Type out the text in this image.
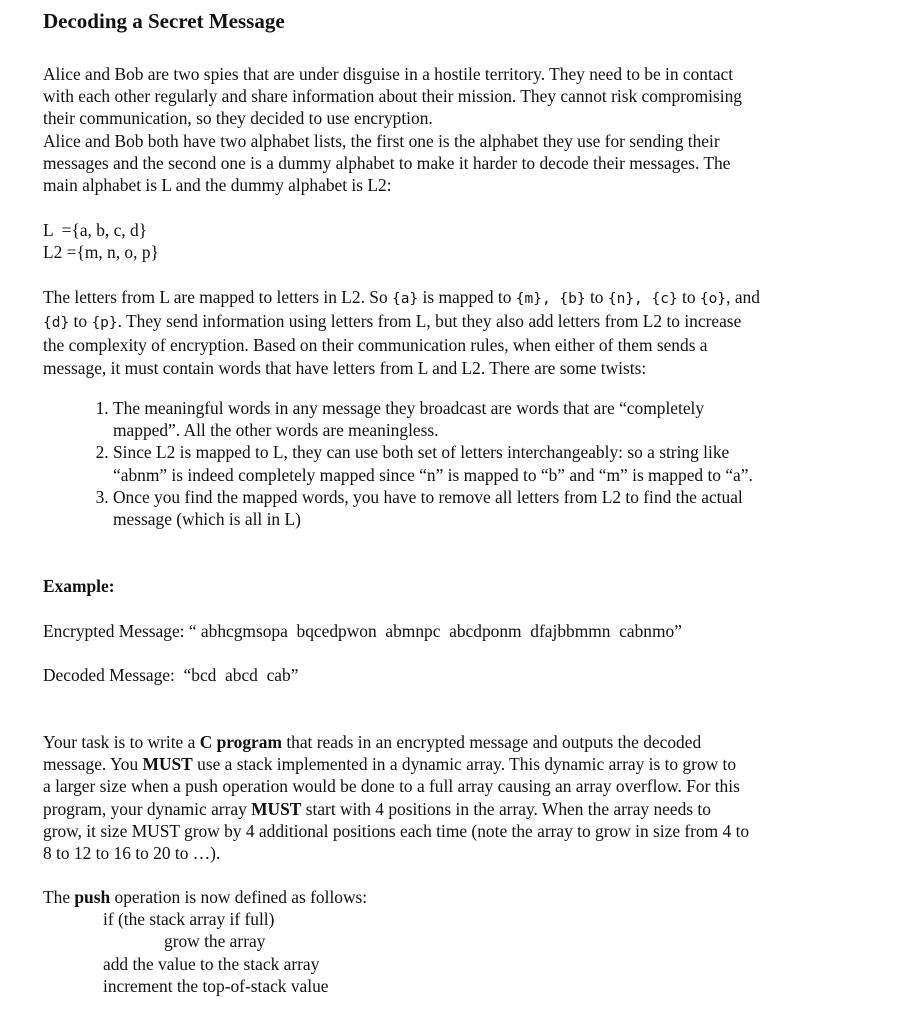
Decoding a Secret Message
Alice and Bob are two spies that are under disguise in a hostile territory. They need to be in contact
with each other regularly and share information about their mission. They cannot risk compromising
their communication, so they decided to use encryption.
Alice and Bob both have two alphabet lists, the first one is the alphabet they use for sending their
messages and the second one is a dummy alphabet to make it harder to decode their messages. The
main alphabet is L and the dummy alphabet is L2:
L  ={a, b, c, d}
L2 ={m, n, o, p}
The letters from L are mapped to letters in L2. So {a} is mapped to {m}, {b} to {n}, {c} to {o}, and
{d} to {p}. They send information using letters from L, but they also add letters from L2 to increase
the complexity of encryption. Based on their communication rules, when either of them sends a
message, it must contain words that have letters from L and L2. There are some twists:
1. The meaningful words in any message they broadcast are words that are “completely
mapped”. All the other words are meaningless.
2. Since L2 is mapped to L, they can use both set of letters interchangeably: so a string like
“abnm” is indeed completely mapped since “n” is mapped to “b” and “m” is mapped to “a”.
3. Once you find the mapped words, you have to remove all letters from L2 to find the actual
message (which is all in L)
Example:
Encrypted Message: “ abhcgmsopa  bqcedpwon  abmnpc  abcdponm  dfajbbmmn  cabnmo”
Decoded Message:  “bcd  abcd  cab”
Your task is to write a C program that reads in an encrypted message and outputs the decoded
message. You MUST use a stack implemented in a dynamic array. This dynamic array is to grow to
a larger size when a push operation would be done to a full array causing an array overflow. For this
program, your dynamic array MUST start with 4 positions in the array. When the array needs to
grow, it size MUST grow by 4 additional positions each time (note the array to grow in size from 4 to
8 to 12 to 16 to 20 to …).
The push operation is now defined as follows:
if (the stack array if full)
grow the array
add the value to the stack array
increment the top-of-stack value
